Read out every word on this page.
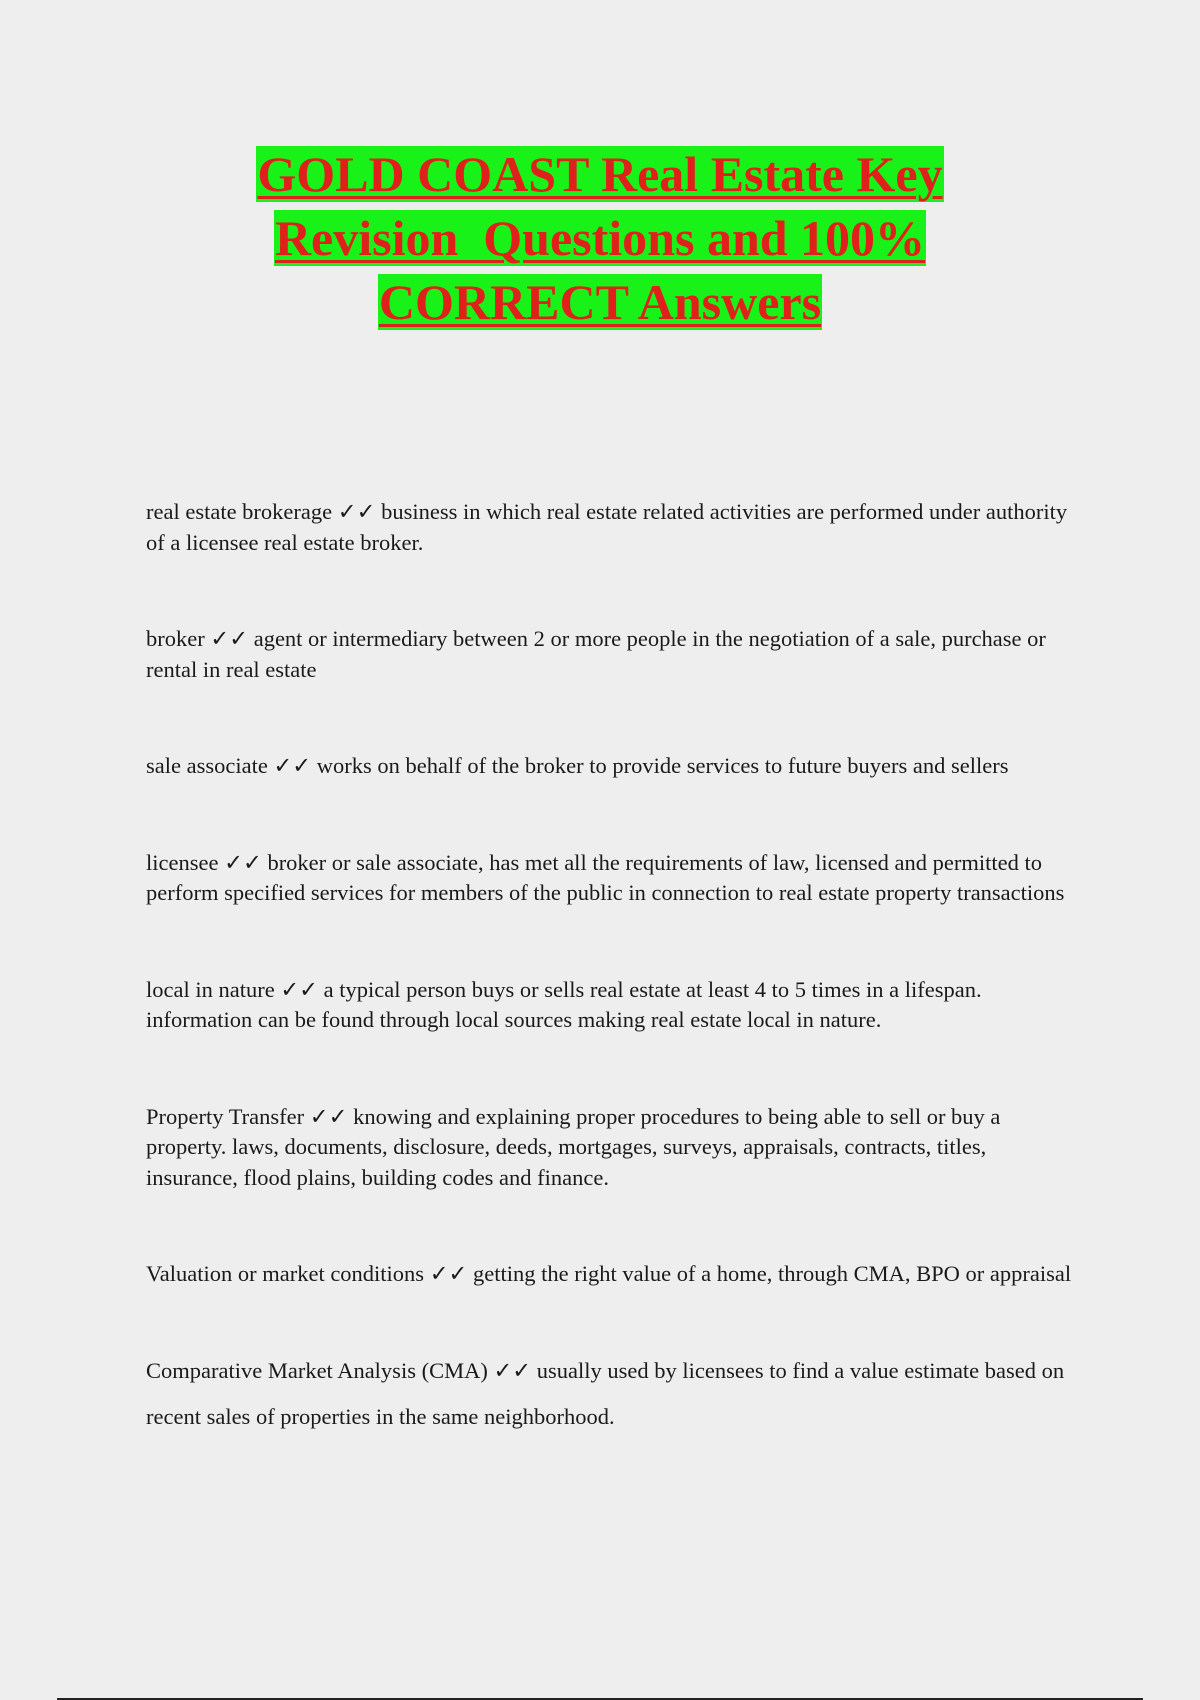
GOLD COAST Real Estate Key
Revision  Questions and 100%
CORRECT Answers
real estate brokerage ✓✓ business in which real estate related activities are performed under authority of a licensee real estate broker.
broker ✓✓ agent or intermediary between 2 or more people in the negotiation of a sale, purchase or rental in real estate
sale associate ✓✓ works on behalf of the broker to provide services to future buyers and sellers
licensee ✓✓ broker or sale associate, has met all the requirements of law, licensed and permitted to perform specified services for members of the public in connection to real estate property transactions
local in nature ✓✓ a typical person buys or sells real estate at least 4 to 5 times in a lifespan. information can be found through local sources making real estate local in nature.
Property Transfer ✓✓ knowing and explaining proper procedures to being able to sell or buy a property. laws, documents, disclosure, deeds, mortgages, surveys, appraisals, contracts, titles, insurance, flood plains, building codes and finance.
Valuation or market conditions ✓✓ getting the right value of a home, through CMA, BPO or appraisal
Comparative Market Analysis (CMA) ✓✓ usually used by licensees to find a value estimate based on recent sales of properties in the same neighborhood.
